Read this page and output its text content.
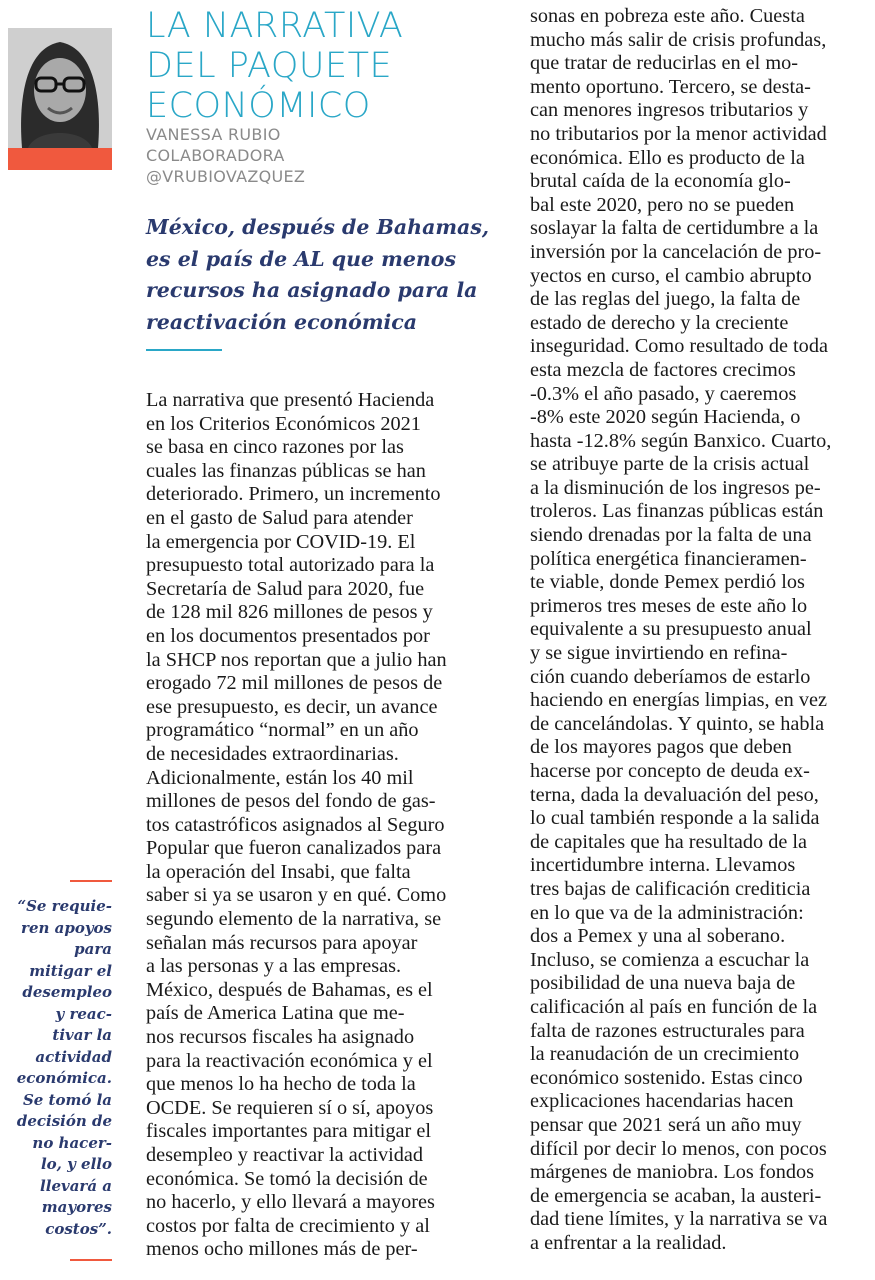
LA NARRATIVA
DEL PAQUETE
ECONÓMICO
VANESSA RUBIO
COLABORADORA
@VRUBIOVAZQUEZ
México, después de Bahamas,
es el país de AL que menos
recursos ha asignado para la
reactivación económica
La narrativa que presentó Hacienda
en los Criterios Económicos 2021
se basa en cinco razones por las
cuales las finanzas públicas se han
deteriorado. Primero, un incremento
en el gasto de Salud para atender
la emergencia por COVID-19. El
presupuesto total autorizado para la
Secretaría de Salud para 2020, fue
de 128 mil 826 millones de pesos y
en los documentos presentados por
la SHCP nos reportan que a julio han
erogado 72 mil millones de pesos de
ese presupuesto, es decir, un avance
programático “normal” en un año
de necesidades extraordinarias.
Adicionalmente, están los 40 mil
millones de pesos del fondo de gas-
tos catastróficos asignados al Seguro
Popular que fueron canalizados para
la operación del Insabi, que falta
saber si ya se usaron y en qué. Como
segundo elemento de la narrativa, se
señalan más recursos para apoyar
a las personas y a las empresas.
México, después de Bahamas, es el
país de America Latina que me-
nos recursos fiscales ha asignado
para la reactivación económica y el
que menos lo ha hecho de toda la
OCDE. Se requieren sí o sí, apoyos
fiscales importantes para mitigar el
desempleo y reactivar la actividad
económica. Se tomó la decisión de
no hacerlo, y ello llevará a mayores
costos por falta de crecimiento y al
menos ocho millones más de per-
sonas en pobreza este año. Cuesta
mucho más salir de crisis profundas,
que tratar de reducirlas en el mo-
mento oportuno. Tercero, se desta-
can menores ingresos tributarios y
no tributarios por la menor actividad
económica. Ello es producto de la
brutal caída de la economía glo-
bal este 2020, pero no se pueden
soslayar la falta de certidumbre a la
inversión por la cancelación de pro-
yectos en curso, el cambio abrupto
de las reglas del juego, la falta de
estado de derecho y la creciente
inseguridad. Como resultado de toda
esta mezcla de factores crecimos
-0.3% el año pasado, y caeremos
-8% este 2020 según Hacienda, o
hasta -12.8% según Banxico. Cuarto,
se atribuye parte de la crisis actual
a la disminución de los ingresos pe-
troleros. Las finanzas públicas están
siendo drenadas por la falta de una
política energética financieramen-
te viable, donde Pemex perdió los
primeros tres meses de este año lo
equivalente a su presupuesto anual
y se sigue invirtiendo en refina-
ción cuando deberíamos de estarlo
haciendo en energías limpias, en vez
de cancelándolas. Y quinto, se habla
de los mayores pagos que deben
hacerse por concepto de deuda ex-
terna, dada la devaluación del peso,
lo cual también responde a la salida
de capitales que ha resultado de la
incertidumbre interna. Llevamos
tres bajas de calificación crediticia
en lo que va de la administración:
dos a Pemex y una al soberano.
Incluso, se comienza a escuchar la
posibilidad de una nueva baja de
calificación al país en función de la
falta de razones estructurales para
la reanudación de un crecimiento
económico sostenido. Estas cinco
explicaciones hacendarias hacen
pensar que 2021 será un año muy
difícil por decir lo menos, con pocos
márgenes de maniobra. Los fondos
de emergencia se acaban, la austeri-
dad tiene límites, y la narrativa se va
a enfrentar a la realidad.
“Se requie-
ren apoyos
para
mitigar el
desempleo
y reac-
tivar la
actividad
económica.
Se tomó la
decisión de
no hacer-
lo, y ello
llevará a
mayores
costos”.
